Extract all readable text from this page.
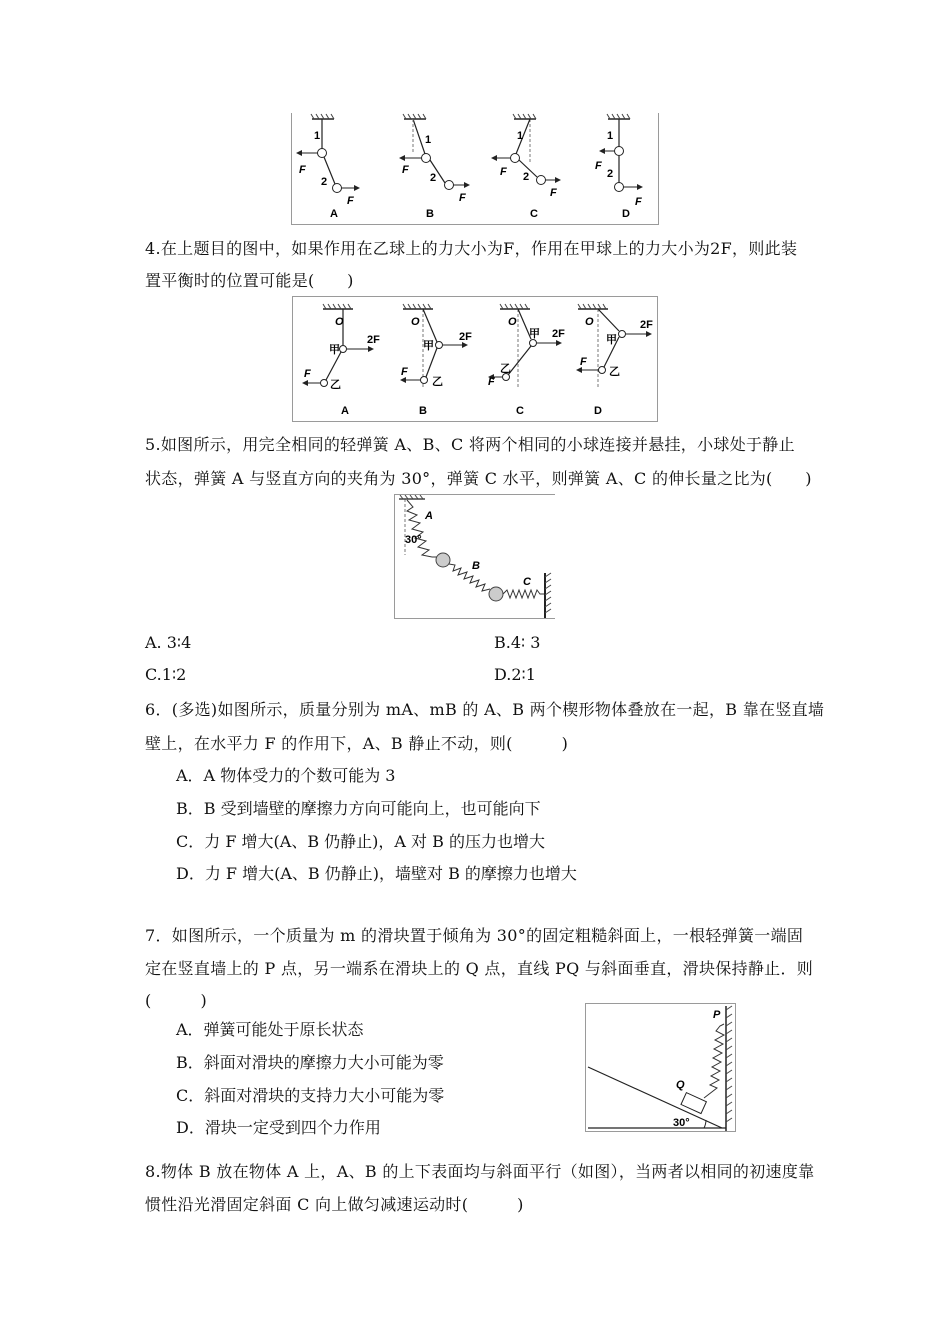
1
2
F
F
A
1
2
F
F
B
1
2
F
F
C
1
2
F
F
D
4.在上题目的图中，如果作用在乙球上的力大小为F，作用在甲球上的力大小为2F，则此装
置平衡时的位置可能是(　　)
O
2F
甲
F
乙
A
O
2F
甲
F
乙
B
O
2F
甲
F
乙
C
O	2F
甲
F
乙
D
5.如图所示，用完全相同的轻弹簧 A、B、C 将两个相同的小球连接并悬挂，小球处于静止
状态，弹簧 A 与竖直方向的夹角为 30°，弹簧 C 水平，则弹簧 A、C 的伸长量之比为(　　)
A
30°
B
C
A. 3∶4	B.4∶ 3
C.1∶2	D.2∶1
6．(多选)如图所示，质量分别为 mA、mB 的 A、B 两个楔形物体叠放在一起，B 靠在竖直墙
壁上，在水平力 F 的作用下，A、B 静止不动，则(　　　)
A．A 物体受力的个数可能为 3
B．B 受到墙壁的摩擦力方向可能向上，也可能向下
C．力 F 增大(A、B 仍静止)，A 对 B 的压力也增大
D．力 F 增大(A、B 仍静止)，墙壁对 B 的摩擦力也增大
7．如图所示，一个质量为 m 的滑块置于倾角为 30°的固定粗糙斜面上，一根轻弹簧一端固
定在竖直墙上的 P 点，另一端系在滑块上的 Q 点，直线 PQ 与斜面垂直，滑块保持静止．则
(　　　)
A．弹簧可能处于原长状态
B．斜面对滑块的摩擦力大小可能为零
C．斜面对滑块的支持力大小可能为零
D．滑块一定受到四个力作用
P
Q
30°
8.物体 B 放在物体 A 上，A、B 的上下表面均与斜面平行（如图），当两者以相同的初速度靠
惯性沿光滑固定斜面 C 向上做匀减速运动时(　　　)
